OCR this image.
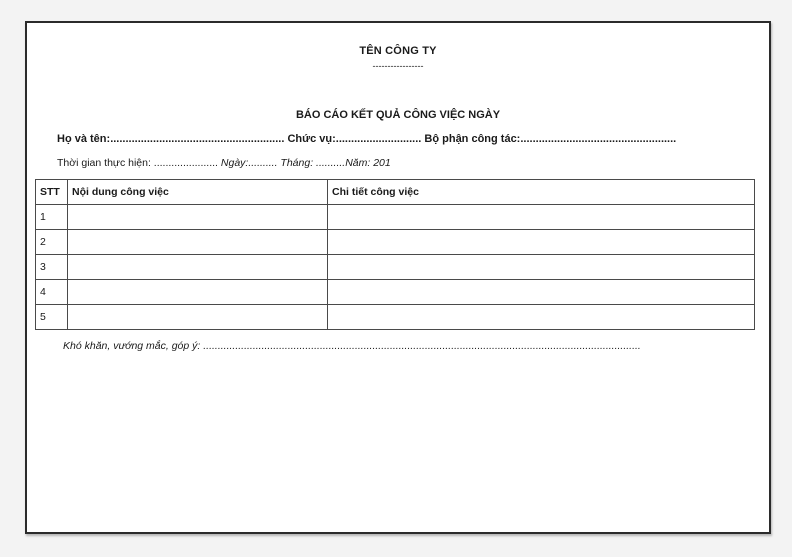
TÊN CÔNG TY
-----------------
BÁO CÁO KẾT QUẢ CÔNG VIỆC NGÀY
Họ và tên:......................................................... Chức vụ:............................ Bộ phận công tác:...................................................
Thời gian thực hiện: ...................... Ngày:.......... Tháng: ..........Năm: 201
STT	Nội dung công việc	Chi tiết công việc
1		
2		
3		
4		
5		
Khó khăn, vướng mắc, góp ý: ......................................................................................................................................................
